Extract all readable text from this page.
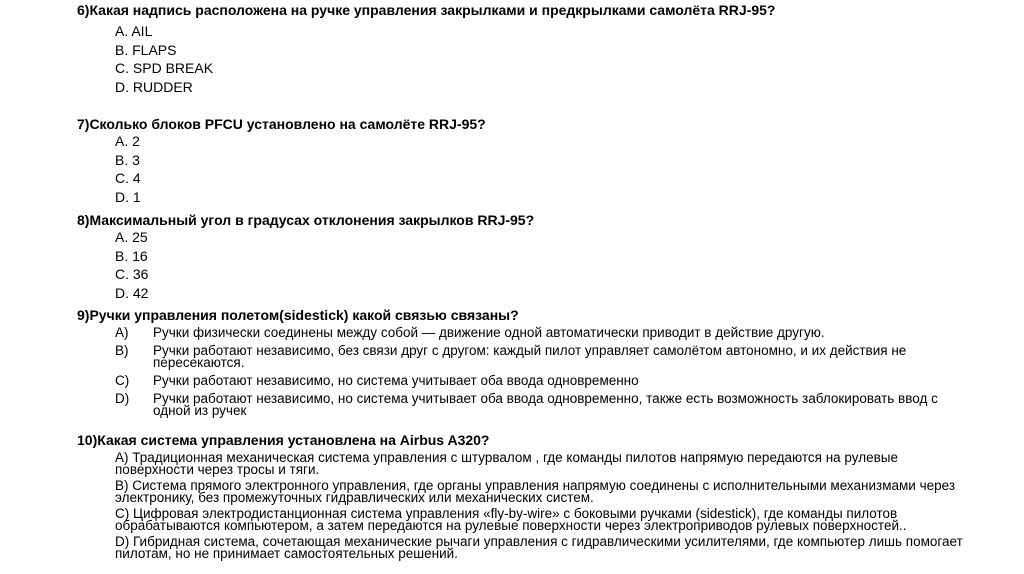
6)Какая надпись расположена на ручке управления закрылками и предкрылками самолёта RRJ-95?
A. AIL
B. FLAPS
C. SPD BREAK
D. RUDDER
7)Сколько блоков PFCU установлено на самолёте RRJ-95?
A. 2
B. 3
C. 4
D. 1
8)Максимальный угол в градусах отклонения закрылков RRJ-95?
A. 25
B. 16
C. 36
D. 42
9)Ручки управления полетом(sidestick) какой связью связаны?
A)	Ручки физически соединены между собой — движение одной автоматически приводит в действие другую.
B)	Ручки работают независимо, без связи друг с другом: каждый пилот управляет самолётом автономно, и их действия не пересекаются.
C)	Ручки работают независимо, но система учитывает оба ввода одновременно
D)	Ручки работают независимо, но система учитывает оба ввода одновременно, также есть возможность заблокировать ввод с одной из ручек
10)Какая система управления установлена на Airbus A320?
A) Традиционная механическая система управления с штурвалом , где команды пилотов напрямую передаются на рулевые поверхности через тросы и тяги.
B) Система прямого электронного управления, где органы управления напрямую соединены с исполнительными механизмами через электронику, без промежуточных гидравлических или механических систем.
C) Цифровая электродистанционная система управления «fly-by-wire» с боковыми ручками (sidestick), где команды пилотов обрабатываются компьютером, а затем передаются на рулевые поверхности через электроприводов рулевых поверхностей..
D) Гибридная система, сочетающая механические рычаги управления с гидравлическими усилителями, где компьютер лишь помогает пилотам, но не принимает самостоятельных решений.
